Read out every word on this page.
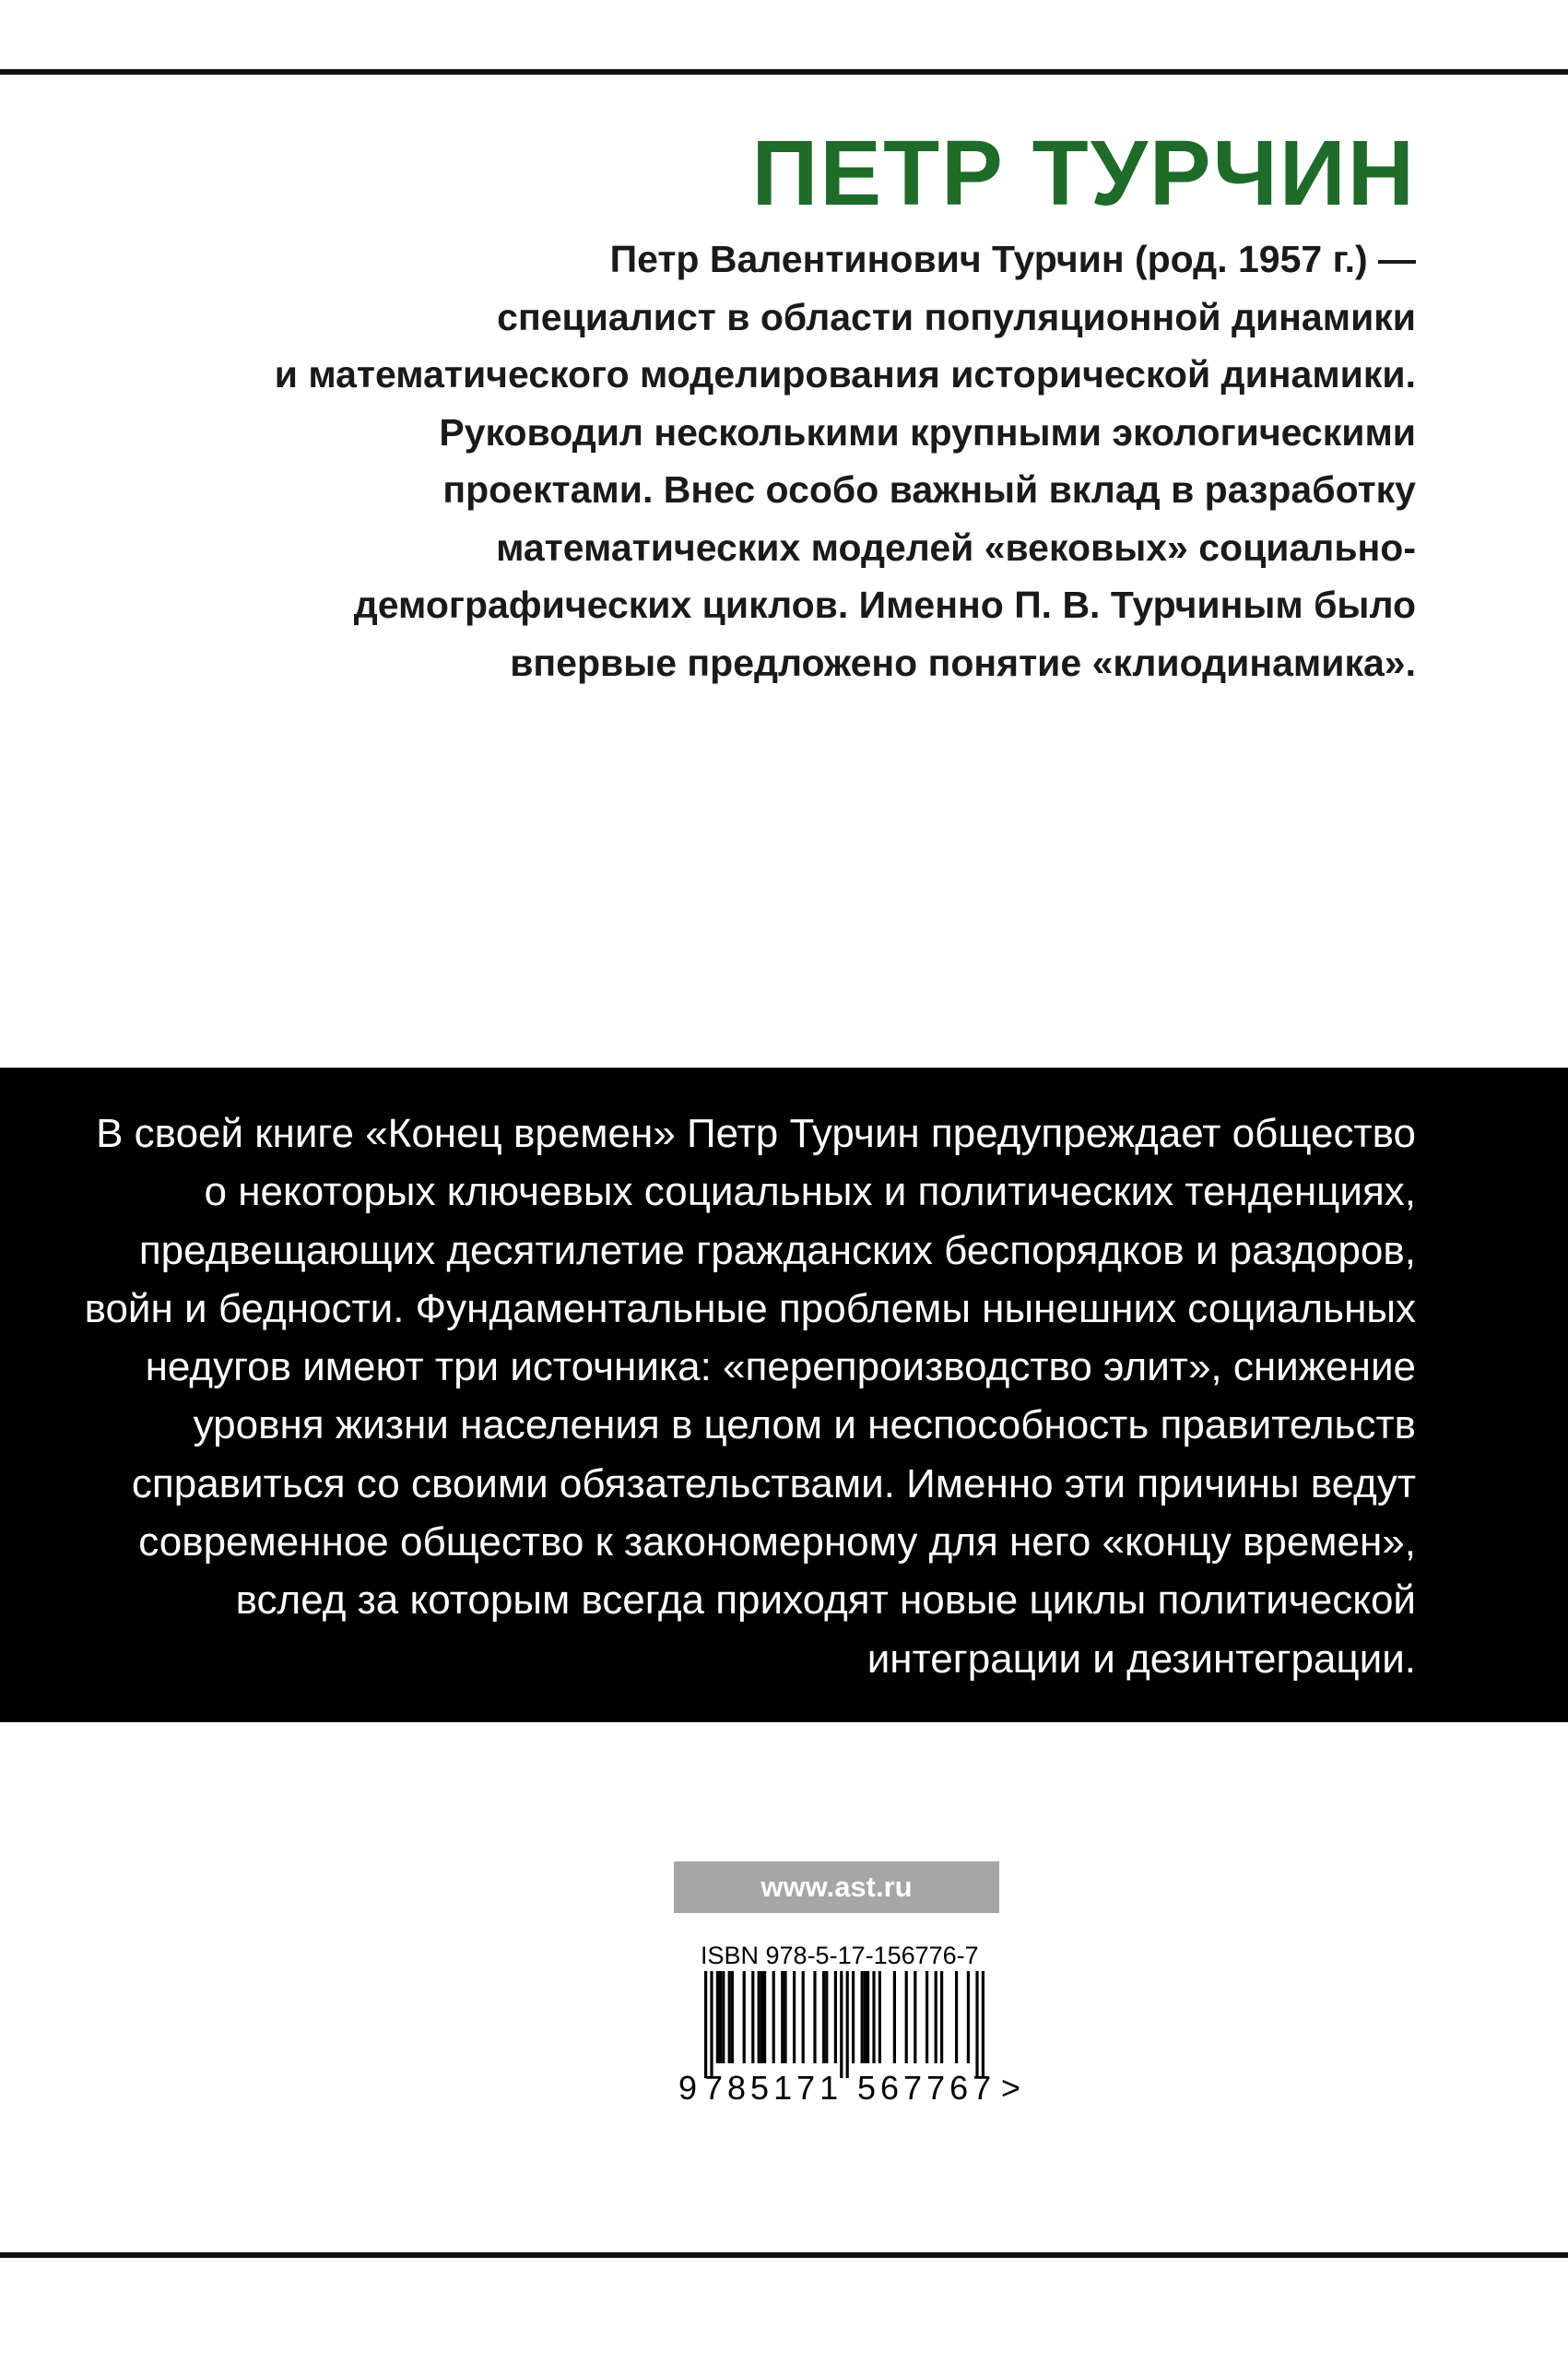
ПЕТР ТУРЧИН

Петр Валентинович Турчин (род. 1957 г.) —
специалист в области популяционной динамики
и математического моделирования исторической динамики.
Руководил несколькими крупными экологическими
проектами. Внес особо важный вклад в разработку
математических моделей «вековых» социально-
демографических циклов. Именно П. В. Турчиным было
впервые предложено понятие «клиодинамика».

В своей книге «Конец времен» Петр Турчин предупреждает общество
о некоторых ключевых социальных и политических тенденциях,
предвещающих десятилетие гражданских беспорядков и раздоров,
войн и бедности. Фундаментальные проблемы нынешних социальных
недугов имеют три источника: «перепроизводство элит», снижение
уровня жизни населения в целом и неспособность правительств
справиться со своими обязательствами. Именно эти причины ведут
современное общество к закономерному для него «концу времен»,
вслед за которым всегда приходят новые циклы политической
интеграции и дезинтеграции.

www.ast.ru
ISBN 978-5-17-156776-7
9 785171 567767 >
